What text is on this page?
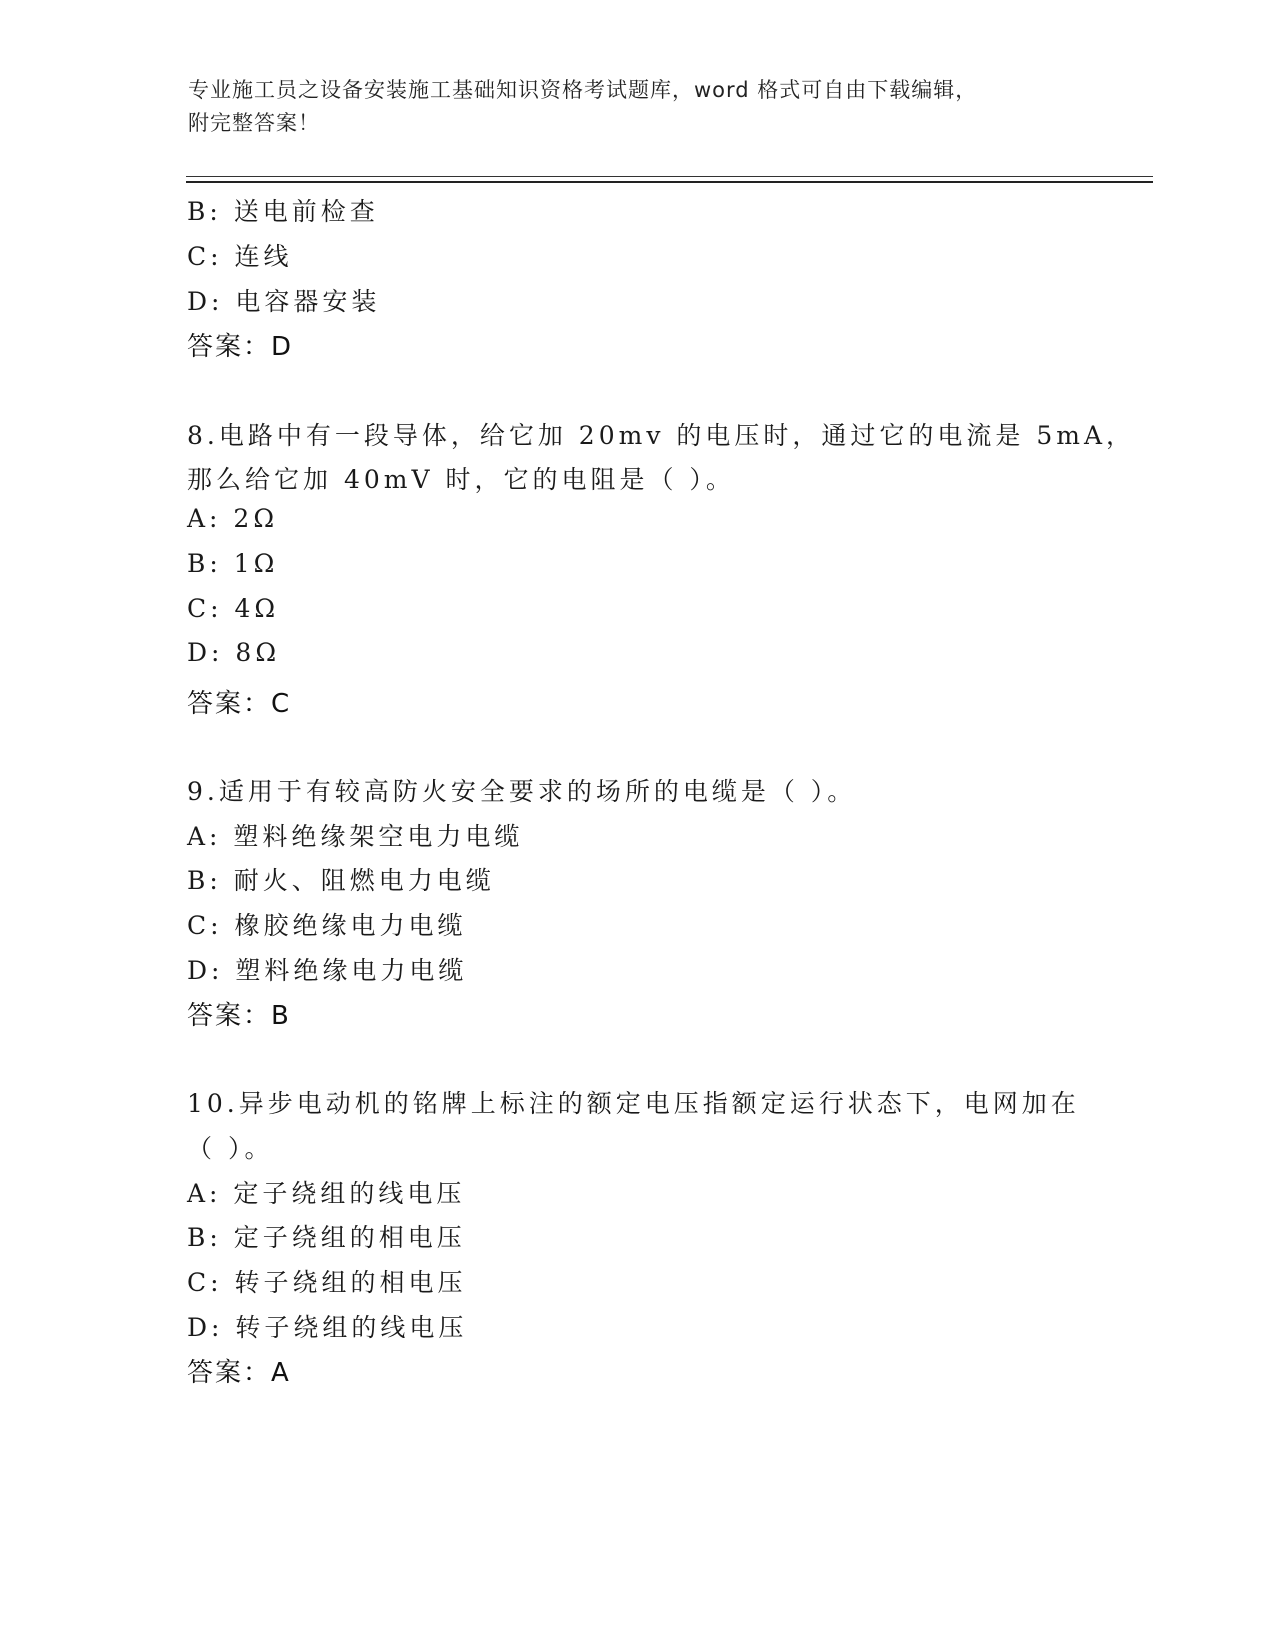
专业施工员之设备安装施工基础知识资格考试题库，word 格式可自由下载编辑，
附完整答案！
B: 送电前检查
C: 连线
D: 电容器安装
答案：D
8.电路中有一段导体，给它加 20mv 的电压时，通过它的电流是 5mA，
那么给它加 40mV 时，它的电阻是（ ）。
A: 2Ω
B: 1Ω
C: 4Ω
D: 8Ω
答案：C
9.适用于有较高防火安全要求的场所的电缆是（ ）。
A: 塑料绝缘架空电力电缆
B: 耐火、阻燃电力电缆
C: 橡胶绝缘电力电缆
D: 塑料绝缘电力电缆
答案：B
10.异步电动机的铭牌上标注的额定电压指额定运行状态下，电网加在
（ ）。
A: 定子绕组的线电压
B: 定子绕组的相电压
C: 转子绕组的相电压
D: 转子绕组的线电压
答案：A
